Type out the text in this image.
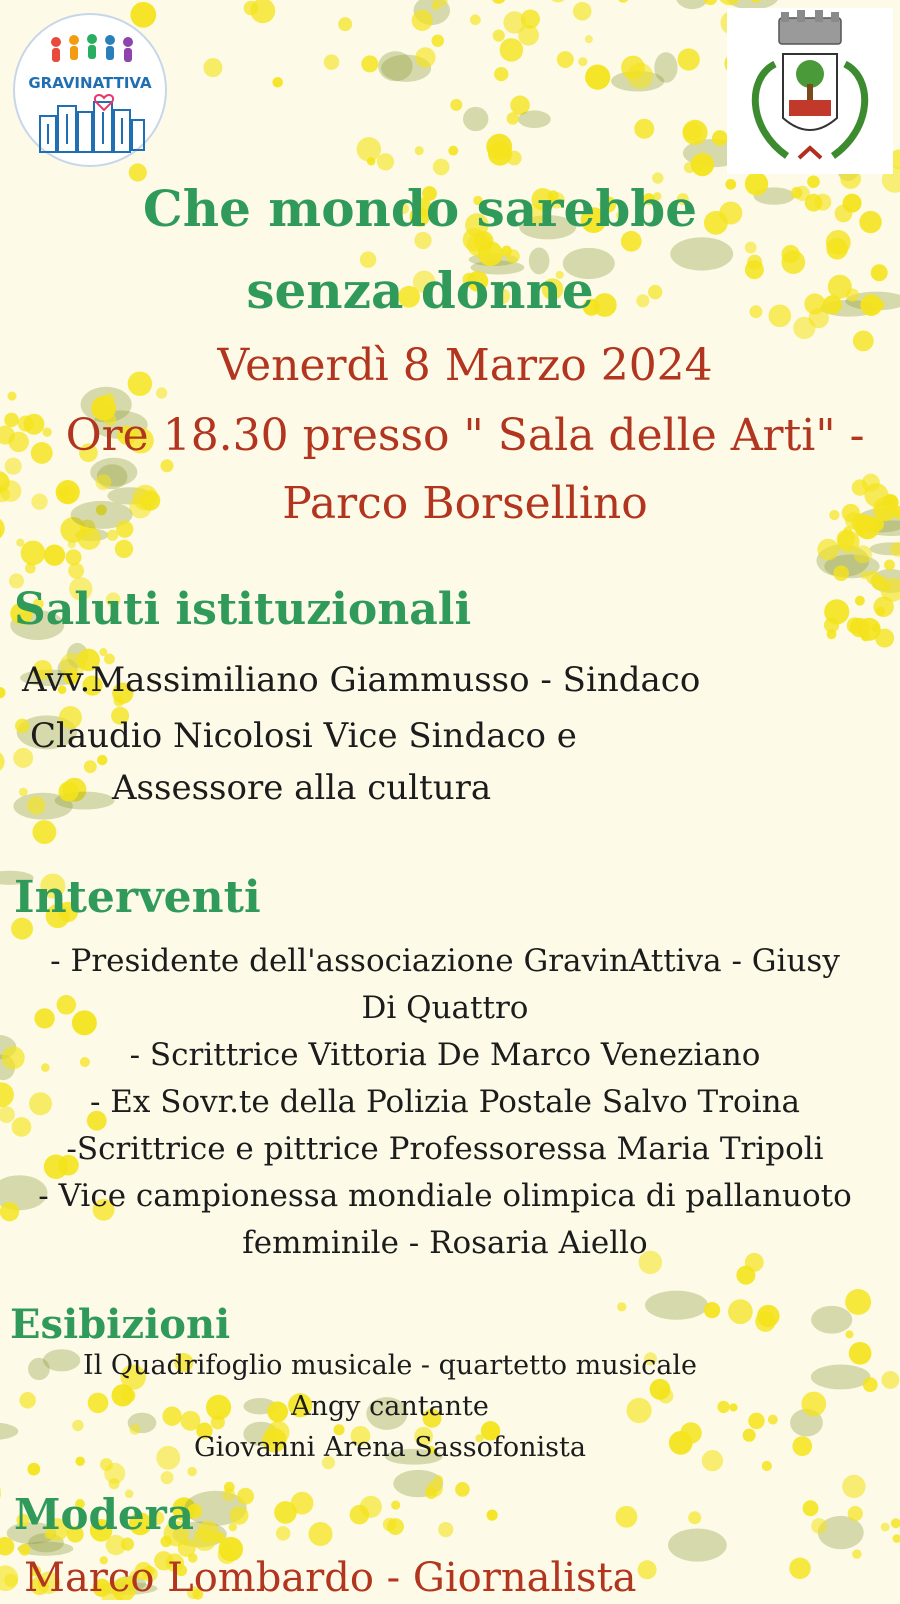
GRAVINATTIVA
Che mondo sarebbe
senza donne
Venerdì 8 Marzo 2024
Ore 18.30 presso " Sala delle Arti" -
Parco Borsellino
Saluti istituzionali
Avv.Massimiliano Giammusso - Sindaco
Claudio Nicolosi Vice Sindaco e
Assessore alla cultura
Interventi
- Presidente dell'associazione GravinAttiva - Giusy
Di Quattro
- Scrittrice Vittoria De Marco Veneziano
- Ex Sovr.te della Polizia Postale Salvo Troina
-Scrittrice e pittrice Professoressa Maria Tripoli
- Vice campionessa mondiale olimpica di pallanuoto
femminile - Rosaria Aiello
Esibizioni
Il Quadrifoglio musicale - quartetto musicale
Angy cantante
Giovanni Arena Sassofonista
Modera
Marco Lombardo - Giornalista
